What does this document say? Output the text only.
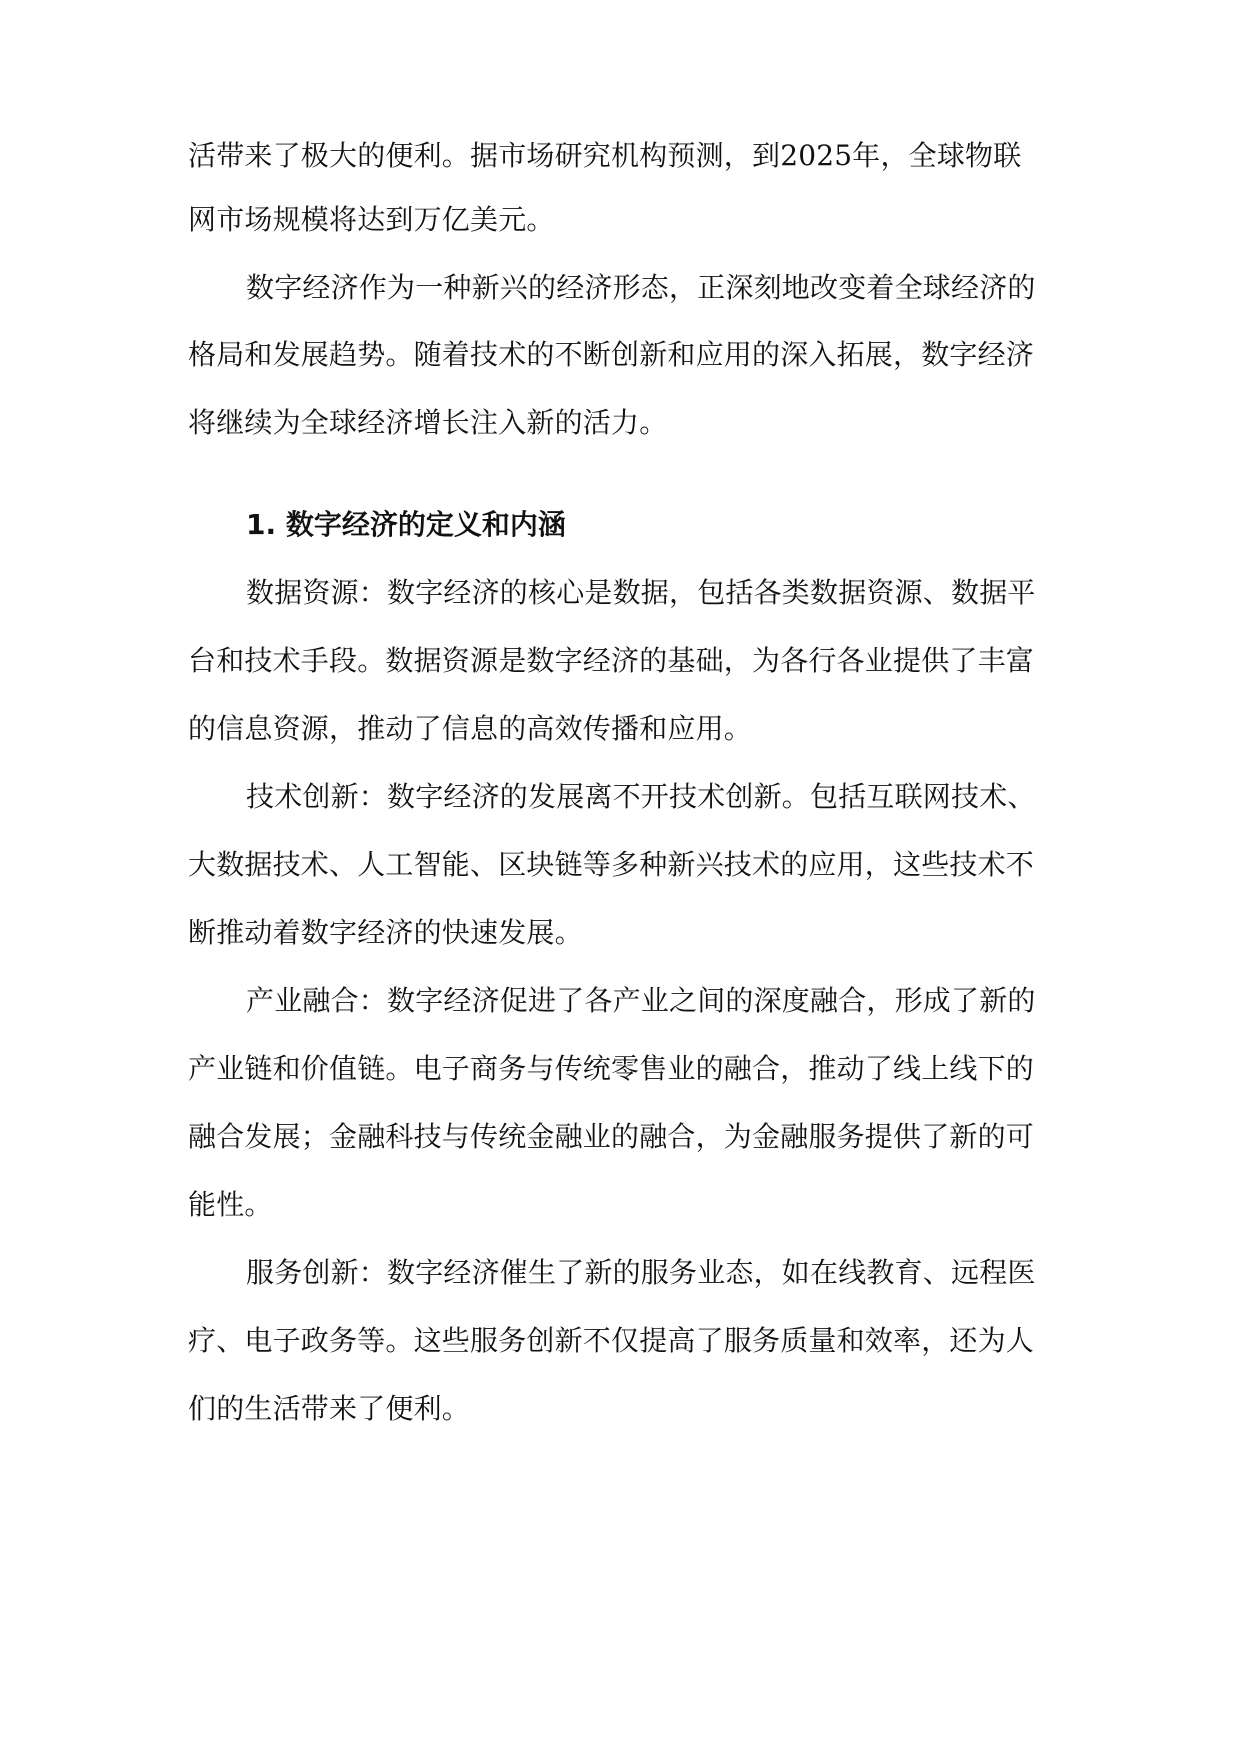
活带来了极大的便利。据市场研究机构预测，到2025年，全球物联
网市场规模将达到万亿美元。
数字经济作为一种新兴的经济形态，正深刻地改变着全球经济的
格局和发展趋势。随着技术的不断创新和应用的深入拓展，数字经济
将继续为全球经济增长注入新的活力。
1. 数字经济的定义和内涵
数据资源：数字经济的核心是数据，包括各类数据资源、数据平
台和技术手段。数据资源是数字经济的基础，为各行各业提供了丰富
的信息资源，推动了信息的高效传播和应用。
技术创新：数字经济的发展离不开技术创新。包括互联网技术、
大数据技术、人工智能、区块链等多种新兴技术的应用，这些技术不
断推动着数字经济的快速发展。
产业融合：数字经济促进了各产业之间的深度融合，形成了新的
产业链和价值链。电子商务与传统零售业的融合，推动了线上线下的
融合发展；金融科技与传统金融业的融合，为金融服务提供了新的可
能性。
服务创新：数字经济催生了新的服务业态，如在线教育、远程医
疗、电子政务等。这些服务创新不仅提高了服务质量和效率，还为人
们的生活带来了便利。
